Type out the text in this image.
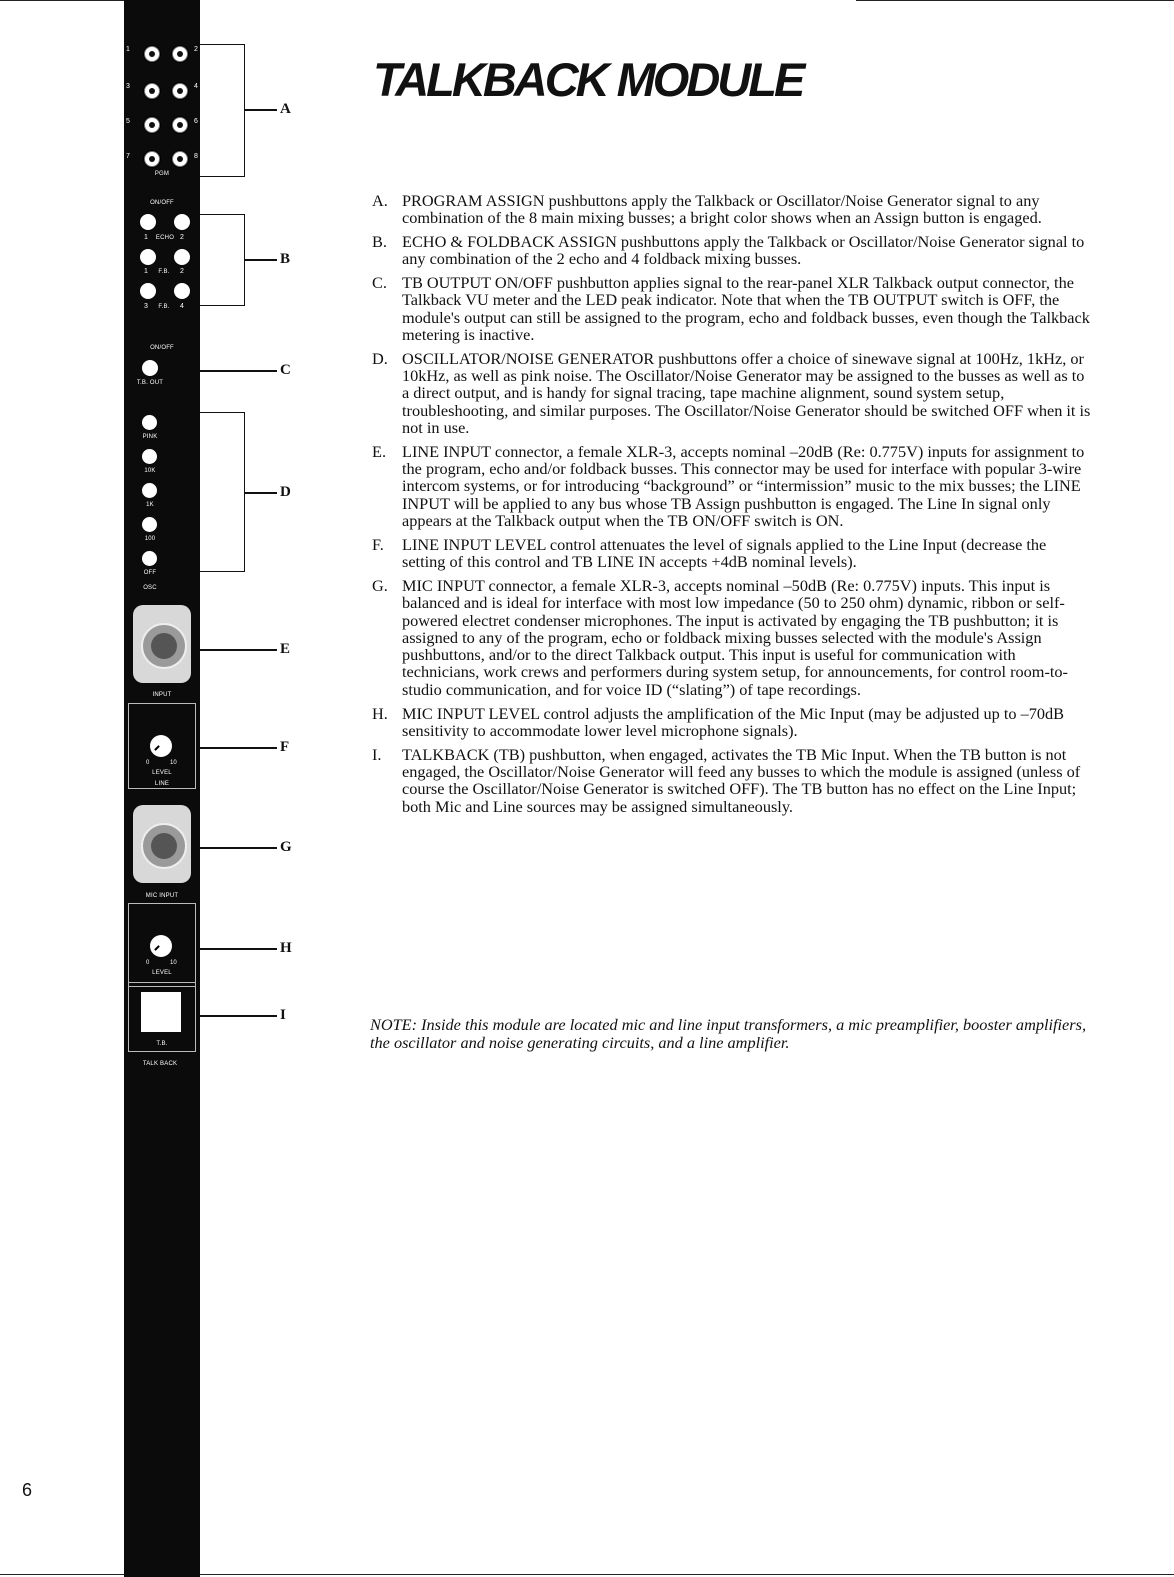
1	2
3	4
5	6
7	8
PGM
ON/OFF
1 ECHO 2
1 F.B. 2
3 F.B. 4
ON/OFF
T.B. OUT
PINK
10K
1K
100
OFF
OSC
INPUT
0	10
LEVEL
LINE
MIC INPUT
0	10
LEVEL
T.B.
TALK BACK
A
B
C
D
E
F
G
H
I
TALKBACK MODULE
A. PROGRAM ASSIGN pushbuttons apply the Talkback or Oscillator/Noise Generator signal to any combination of the 8 main mixing busses; a bright color shows when an Assign button is engaged.
B. ECHO & FOLDBACK ASSIGN pushbuttons apply the Talkback or Oscillator/Noise Generator signal to any combination of the 2 echo and 4 foldback mixing busses.
C. TB OUTPUT ON/OFF pushbutton applies signal to the rear-panel XLR Talkback output connector, the Talkback VU meter and the LED peak indicator. Note that when the TB OUTPUT switch is OFF, the module's output can still be assigned to the program, echo and foldback busses, even though the Talkback metering is inactive.
D. OSCILLATOR/NOISE GENERATOR pushbuttons offer a choice of sinewave signal at 100Hz, 1kHz, or 10kHz, as well as pink noise. The Oscillator/Noise Generator may be assigned to the busses as well as to a direct output, and is handy for signal tracing, tape machine alignment, sound system setup, troubleshooting, and similar purposes. The Oscillator/Noise Generator should be switched OFF when it is not in use.
E. LINE INPUT connector, a female XLR-3, accepts nominal –20dB (Re: 0.775V) inputs for assignment to the program, echo and/or foldback busses. This connector may be used for interface with popular 3-wire intercom systems, or for introducing “background” or “intermission” music to the mix busses; the LINE INPUT will be applied to any bus whose TB Assign pushbutton is engaged. The Line In signal only appears at the Talkback output when the TB ON/OFF switch is ON.
F. LINE INPUT LEVEL control attenuates the level of signals applied to the Line Input (decrease the setting of this control and TB LINE IN accepts +4dB nominal levels).
G. MIC INPUT connector, a female XLR-3, accepts nominal –50dB (Re: 0.775V) inputs. This input is balanced and is ideal for interface with most low impedance (50 to 250 ohm) dynamic, ribbon or self-powered electret condenser microphones. The input is activated by engaging the TB pushbutton; it is assigned to any of the program, echo or foldback mixing busses selected with the module's Assign pushbuttons, and/or to the direct Talkback output. This input is useful for communication with technicians, work crews and performers during system setup, for announcements, for control room-to-studio communication, and for voice ID (“slating”) of tape recordings.
H. MIC INPUT LEVEL control adjusts the amplification of the Mic Input (may be adjusted up to –70dB sensitivity to accommodate lower level microphone signals).
I. TALKBACK (TB) pushbutton, when engaged, activates the TB Mic Input. When the TB button is not engaged, the Oscillator/Noise Generator will feed any busses to which the module is assigned (unless of course the Oscillator/Noise Generator is switched OFF). The TB button has no effect on the Line Input; both Mic and Line sources may be assigned simultaneously.
NOTE: Inside this module are located mic and line input transformers, a mic preamplifier, booster amplifiers, the oscillator and noise generating circuits, and a line amplifier.
6
